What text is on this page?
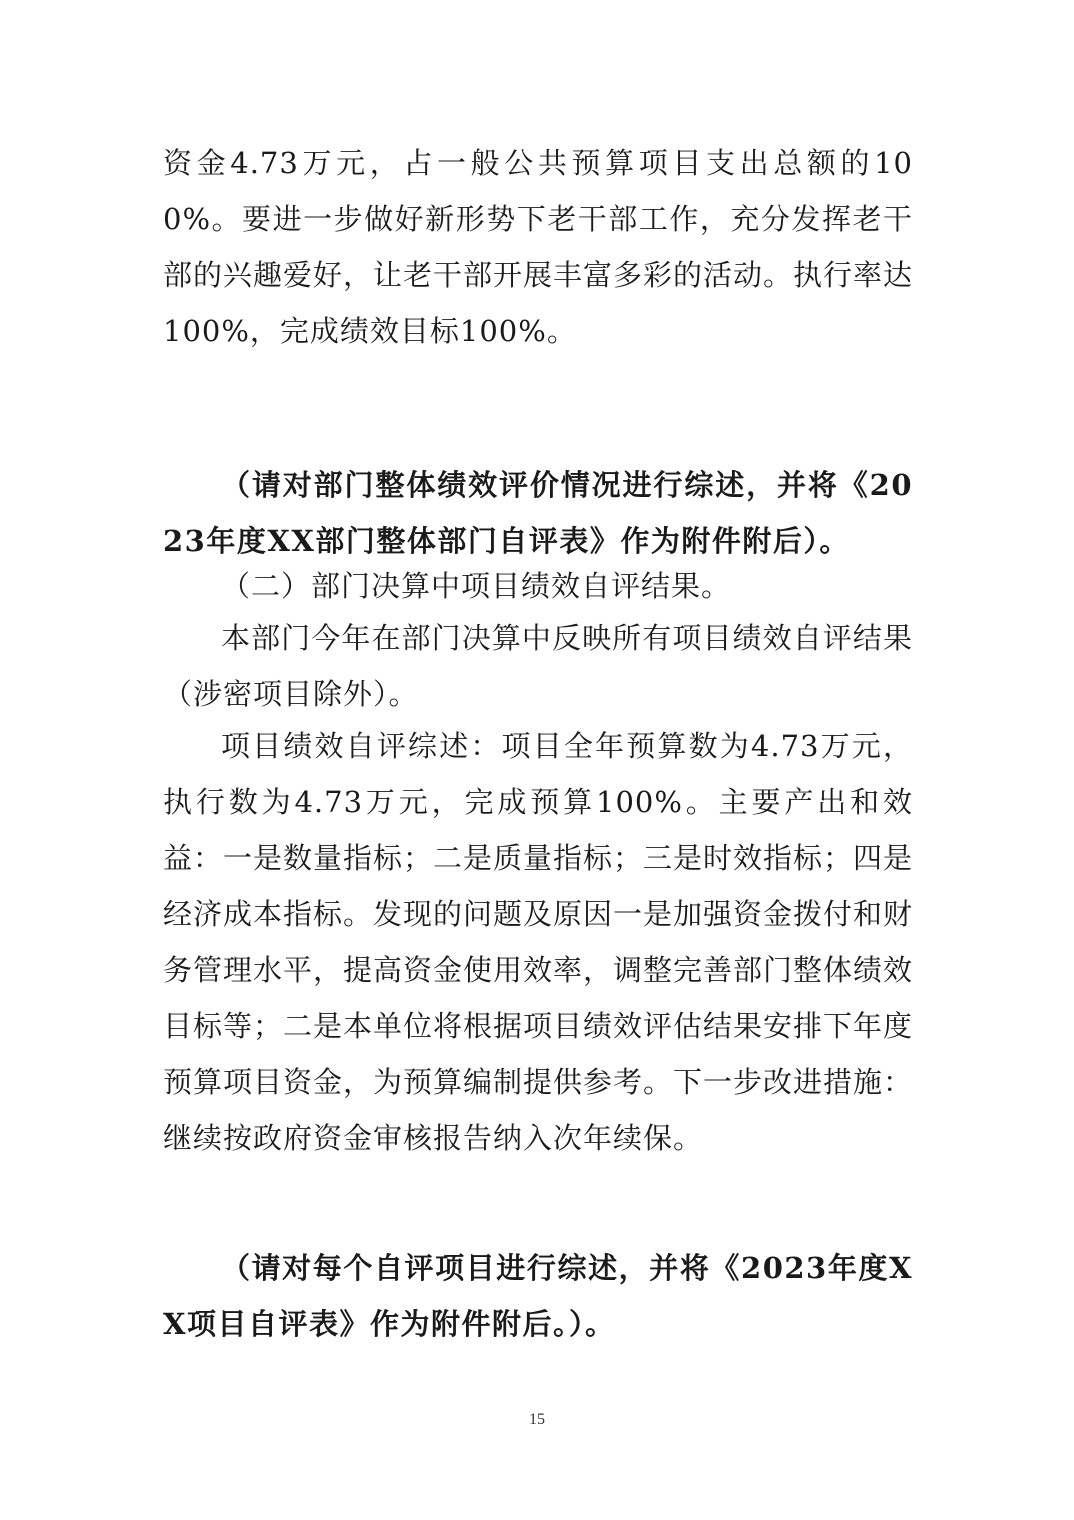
资金4.73万元，占一般公共预算项目支出总额的100%。要进一步做好新形势下老干部工作，充分发挥老干部的兴趣爱好，让老干部开展丰富多彩的活动。执行率达100%，完成绩效目标100%。

（请对部门整体绩效评价情况进行综述，并将《2023年度XX部门整体部门自评表》作为附件附后）。

（二）部门决算中项目绩效自评结果。

本部门今年在部门决算中反映所有项目绩效自评结果（涉密项目除外）。

项目绩效自评综述：项目全年预算数为4.73万元，执行数为4.73万元，完成预算100%。主要产出和效益：一是数量指标；二是质量指标；三是时效指标；四是经济成本指标。发现的问题及原因一是加强资金拨付和财务管理水平，提高资金使用效率，调整完善部门整体绩效目标等；二是本单位将根据项目绩效评估结果安排下年度预算项目资金，为预算编制提供参考。下一步改进措施：继续按政府资金审核报告纳入次年续保。

（请对每个自评项目进行综述，并将《2023年度XX项目自评表》作为附件附后。）。

15
